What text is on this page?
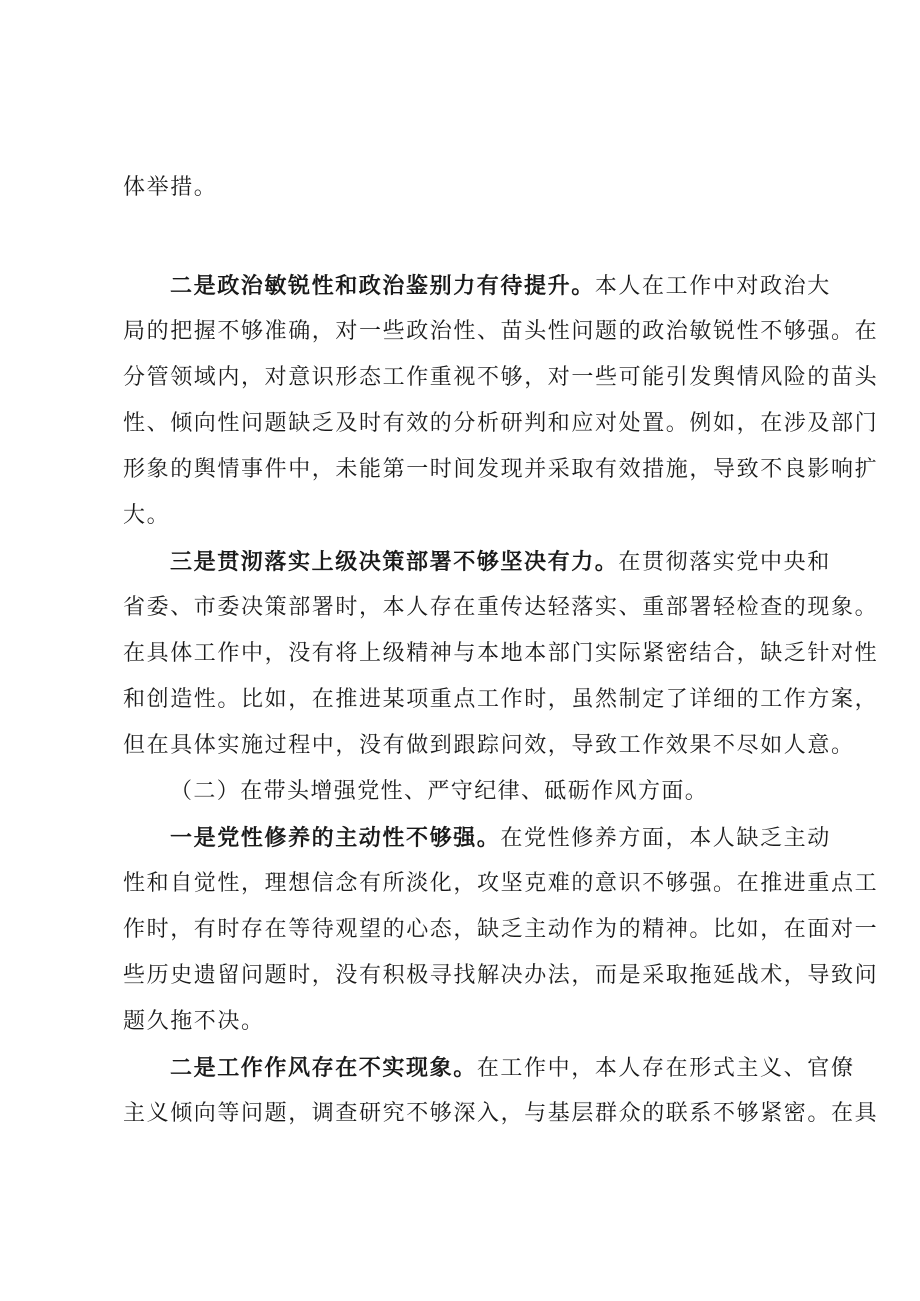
体举措。
二是政治敏锐性和政治鉴别力有待提升。本人在工作中对政治大
局的把握不够准确，对一些政治性、苗头性问题的政治敏锐性不够强。在
分管领域内，对意识形态工作重视不够，对一些可能引发舆情风险的苗头
性、倾向性问题缺乏及时有效的分析研判和应对处置。例如，在涉及部门
形象的舆情事件中，未能第一时间发现并采取有效措施，导致不良影响扩
大。
三是贯沏落实上级决策部署不够坚决有力。在贯彻落实党中央和
省委、市委决策部署时，本人存在重传达轻落实、重部署轻检查的现象。
在具体工作中，没有将上级精神与本地本部门实际紧密结合，缺乏针对性
和创造性。比如，在推进某项重点工作时，虽然制定了详细的工作方案，
但在具体实施过程中，没有做到跟踪问效，导致工作效果不尽如人意。
（二）在带头增强党性、严守纪律、砥砺作风方面。
一是党性修养的主动性不够强。在党性修养方面，本人缺乏主动
性和自觉性，理想信念有所淡化，攻坚克难的意识不够强。在推进重点工
作时，有时存在等待观望的心态，缺乏主动作为的精神。比如，在面对一
些历史遗留问题时，没有积极寻找解决办法，而是采取拖延战术，导致问
题久拖不决。
二是工作作风存在不实现象。在工作中，本人存在形式主义、官僚
主义倾向等问题，调查研究不够深入，与基层群众的联系不够紧密。在具
